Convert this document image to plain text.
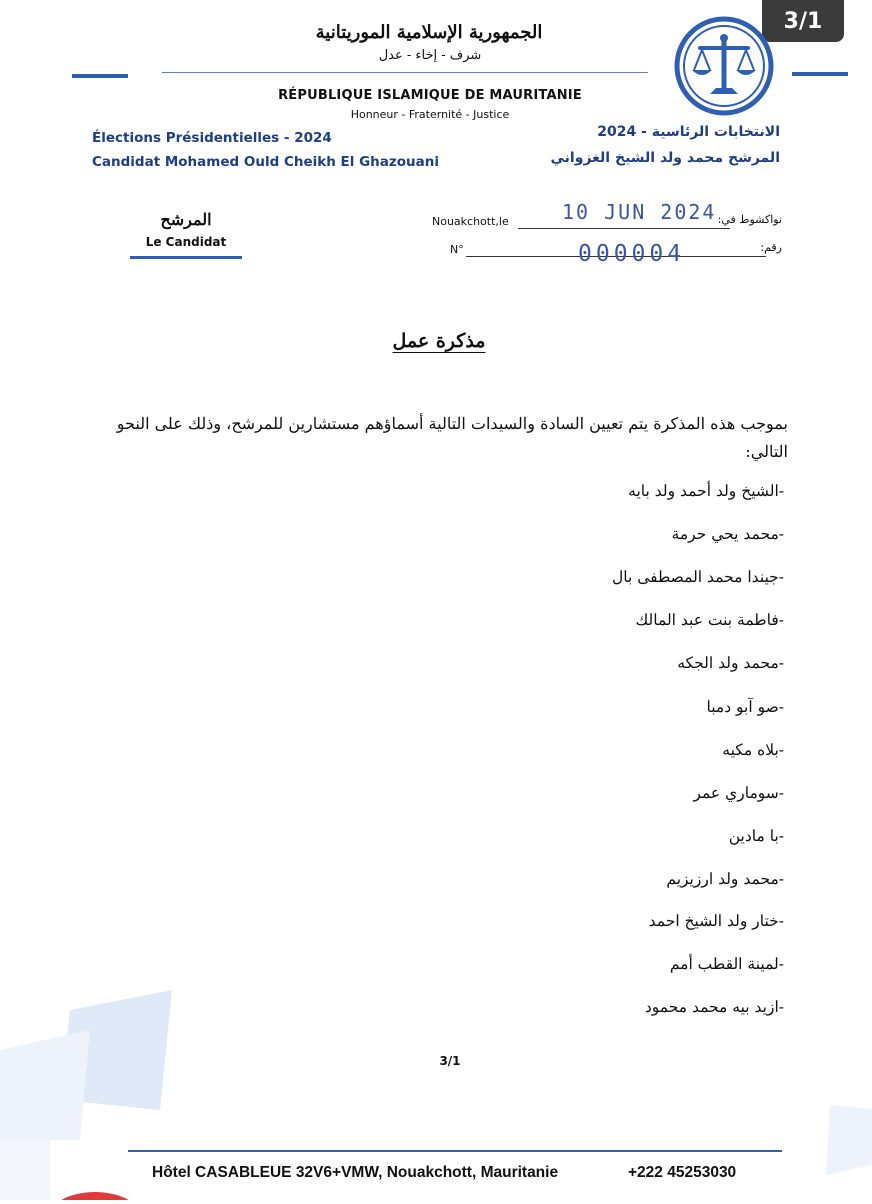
3/1
الجمهورية الإسلامية الموريتانية
شرف - إخاء - عدل
RÉPUBLIQUE ISLAMIQUE DE MAURITANIE
Honneur - Fraternité - Justice
Élections Présidentielles - 2024
Candidat Mohamed Ould Cheikh El Ghazouani
الانتخابات الرئاسية - 2024
المرشح محمد ولد الشيخ الغزواني
المرشح
Le Candidat
Nouakchott,le	10 JUN 2024 نواكشوط في:
N°	000004	رقم:
مذكرة عمل
بموجب هذه المذكرة يتم تعيين السادة والسيدات التالية أسماؤهم مستشارين للمرشح، وذلك على النحو التالي:
-الشيخ ولد أحمد ولد بايه
-محمد يحي حرمة
-جيندا محمد المصطفى بال
-فاطمة بنت عبد المالك
-محمد ولد الجكه
-صو آبو دمبا
-بلاه مكيه
-سوماري عمر
-با مادين
-محمد ولد ارزيزيم
-ختار ولد الشيخ احمد
-لمينة القطب أمم
-ازيد بيه محمد محمود
3/1
Hôtel CASABLEUE 32V6+VMW, Nouakchott, Mauritanie	+222 45253030
